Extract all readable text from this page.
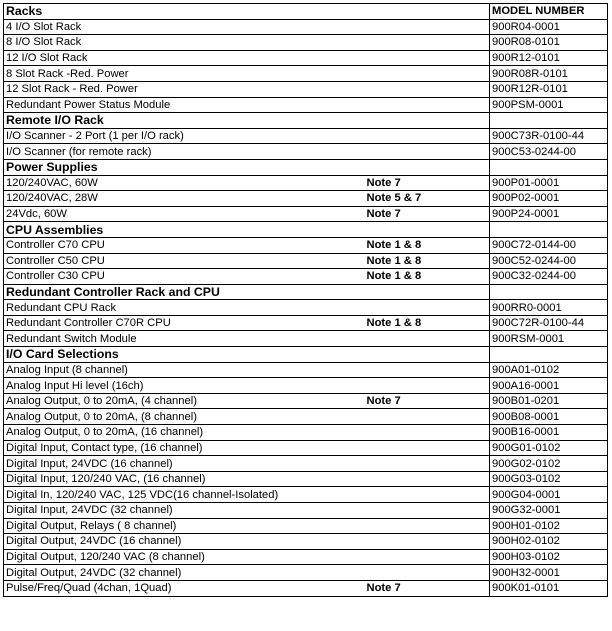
Racks		MODEL NUMBER
4 I/O Slot Rack		900R04-0001
8 I/O Slot Rack		900R08-0101
12 I/O Slot Rack		900R12-0101
8 Slot Rack -Red. Power		900R08R-0101
12 Slot Rack - Red. Power		900R12R-0101
Redundant Power Status Module		900PSM-0001
Remote I/O Rack		
I/O Scanner - 2 Port (1 per I/O rack)		900C73R-0100-44
I/O Scanner (for remote rack)		900C53-0244-00
Power Supplies		
120/240VAC, 60W	Note 7	900P01-0001
120/240VAC, 28W	Note 5 & 7	900P02-0001
24Vdc, 60W	Note 7	900P24-0001
CPU Assemblies		
Controller C70 CPU	Note 1 & 8	900C72-0144-00
Controller C50 CPU	Note 1 & 8	900C52-0244-00
Controller C30 CPU	Note 1 & 8	900C32-0244-00
Redundant Controller Rack and CPU		
Redundant CPU Rack		900RR0-0001
Redundant Controller C70R CPU	Note 1 & 8	900C72R-0100-44
Redundant Switch Module		900RSM-0001
I/O Card Selections		
Analog Input (8 channel)		900A01-0102
Analog Input Hi level (16ch)		900A16-0001
Analog Output, 0 to 20mA, (4 channel)	Note 7	900B01-0201
Analog Output, 0 to 20mA, (8 channel)		900B08-0001
Analog Output, 0 to 20mA, (16 channel)		900B16-0001
Digital Input, Contact type, (16 channel)		900G01-0102
Digital Input, 24VDC (16 channel)		900G02-0102
Digital Input, 120/240 VAC, (16 channel)		900G03-0102
Digital In, 120/240 VAC, 125 VDC(16 channel-Isolated)		900G04-0001
Digital Input, 24VDC (32 channel)		900G32-0001
Digital Output, Relays ( 8 channel)		900H01-0102
Digital Output, 24VDC (16 channel)		900H02-0102
Digital Output, 120/240 VAC (8 channel)		900H03-0102
Digital Output, 24VDC (32 channel)		900H32-0001
Pulse/Freq/Quad (4chan, 1Quad)	Note 7	900K01-0101
